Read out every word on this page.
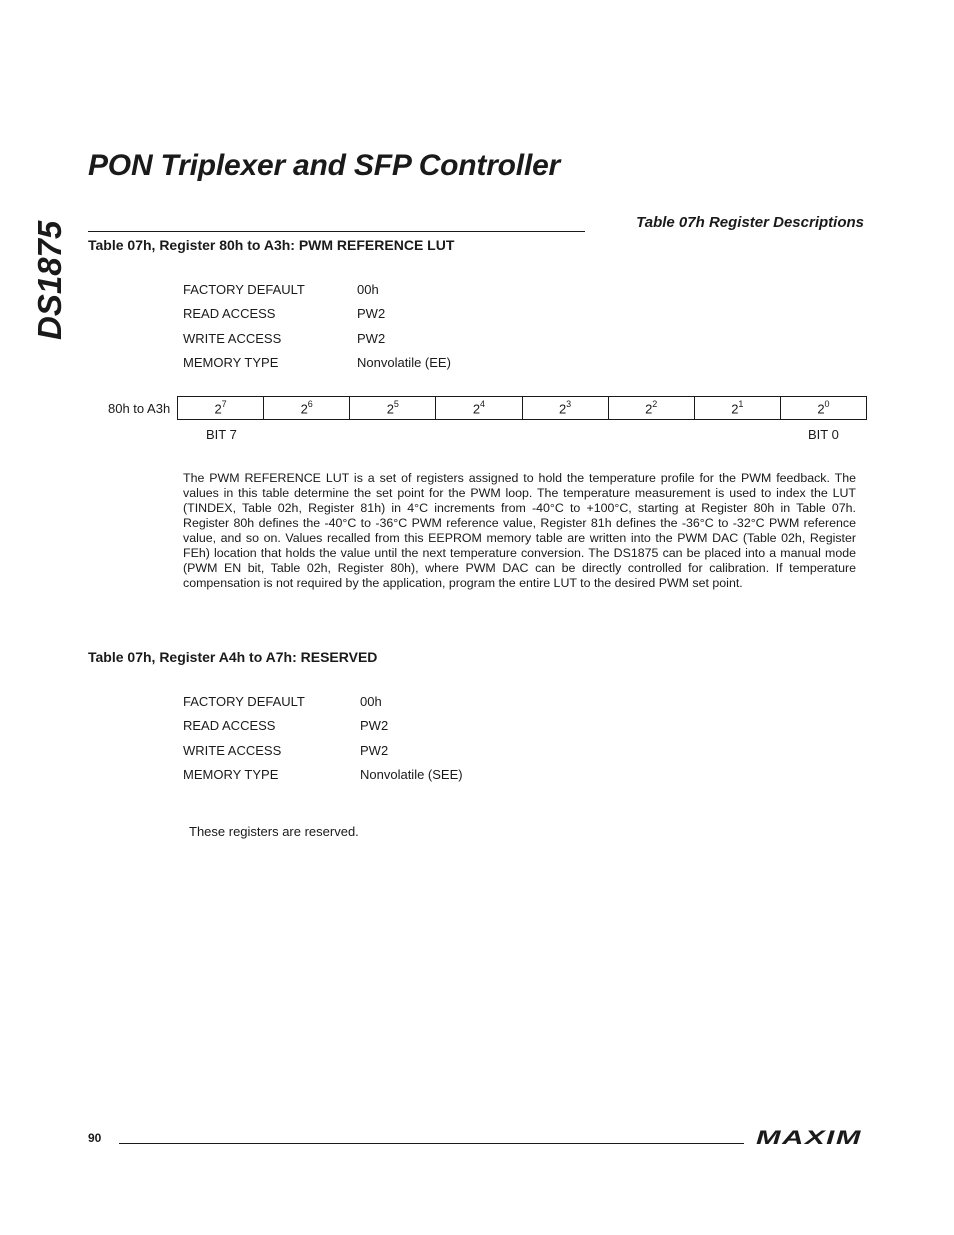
DS1875
PON Triplexer and SFP Controller
Table 07h Register Descriptions
Table 07h, Register 80h to A3h: PWM REFERENCE LUT
FACTORY DEFAULT	00h
READ ACCESS	PW2
WRITE ACCESS	PW2
MEMORY TYPE	Nonvolatile (EE)
80h to A3h	$2^7$	$2^6$	$2^5$	$2^4$	$2^3$	$2^2$	$2^1$	$2^0$
BIT 7	BIT 0
The PWM REFERENCE LUT is a set of registers assigned to hold the temperature profile for the PWM feedback. The values in this table determine the set point for the PWM loop. The temperature measurement is used to index the LUT (TINDEX, Table 02h, Register 81h) in 4°C increments from -40°C to +100°C, starting at Register 80h in Table 07h. Register 80h defines the -40°C to -36°C PWM reference value, Register 81h defines the -36°C to -32°C PWM reference value, and so on. Values recalled from this EEPROM memory table are written into the PWM DAC (Table 02h, Register FEh) location that holds the value until the next temperature conversion. The DS1875 can be placed into a manual mode (PWM EN bit, Table 02h, Register 80h), where PWM DAC can be directly controlled for calibration. If temperature compensation is not required by the application, program the entire LUT to the desired PWM set point.
Table 07h, Register A4h to A7h: RESERVED
FACTORY DEFAULT	00h
READ ACCESS	PW2
WRITE ACCESS	PW2
MEMORY TYPE	Nonvolatile (SEE)
These registers are reserved.
90	MAXIM
